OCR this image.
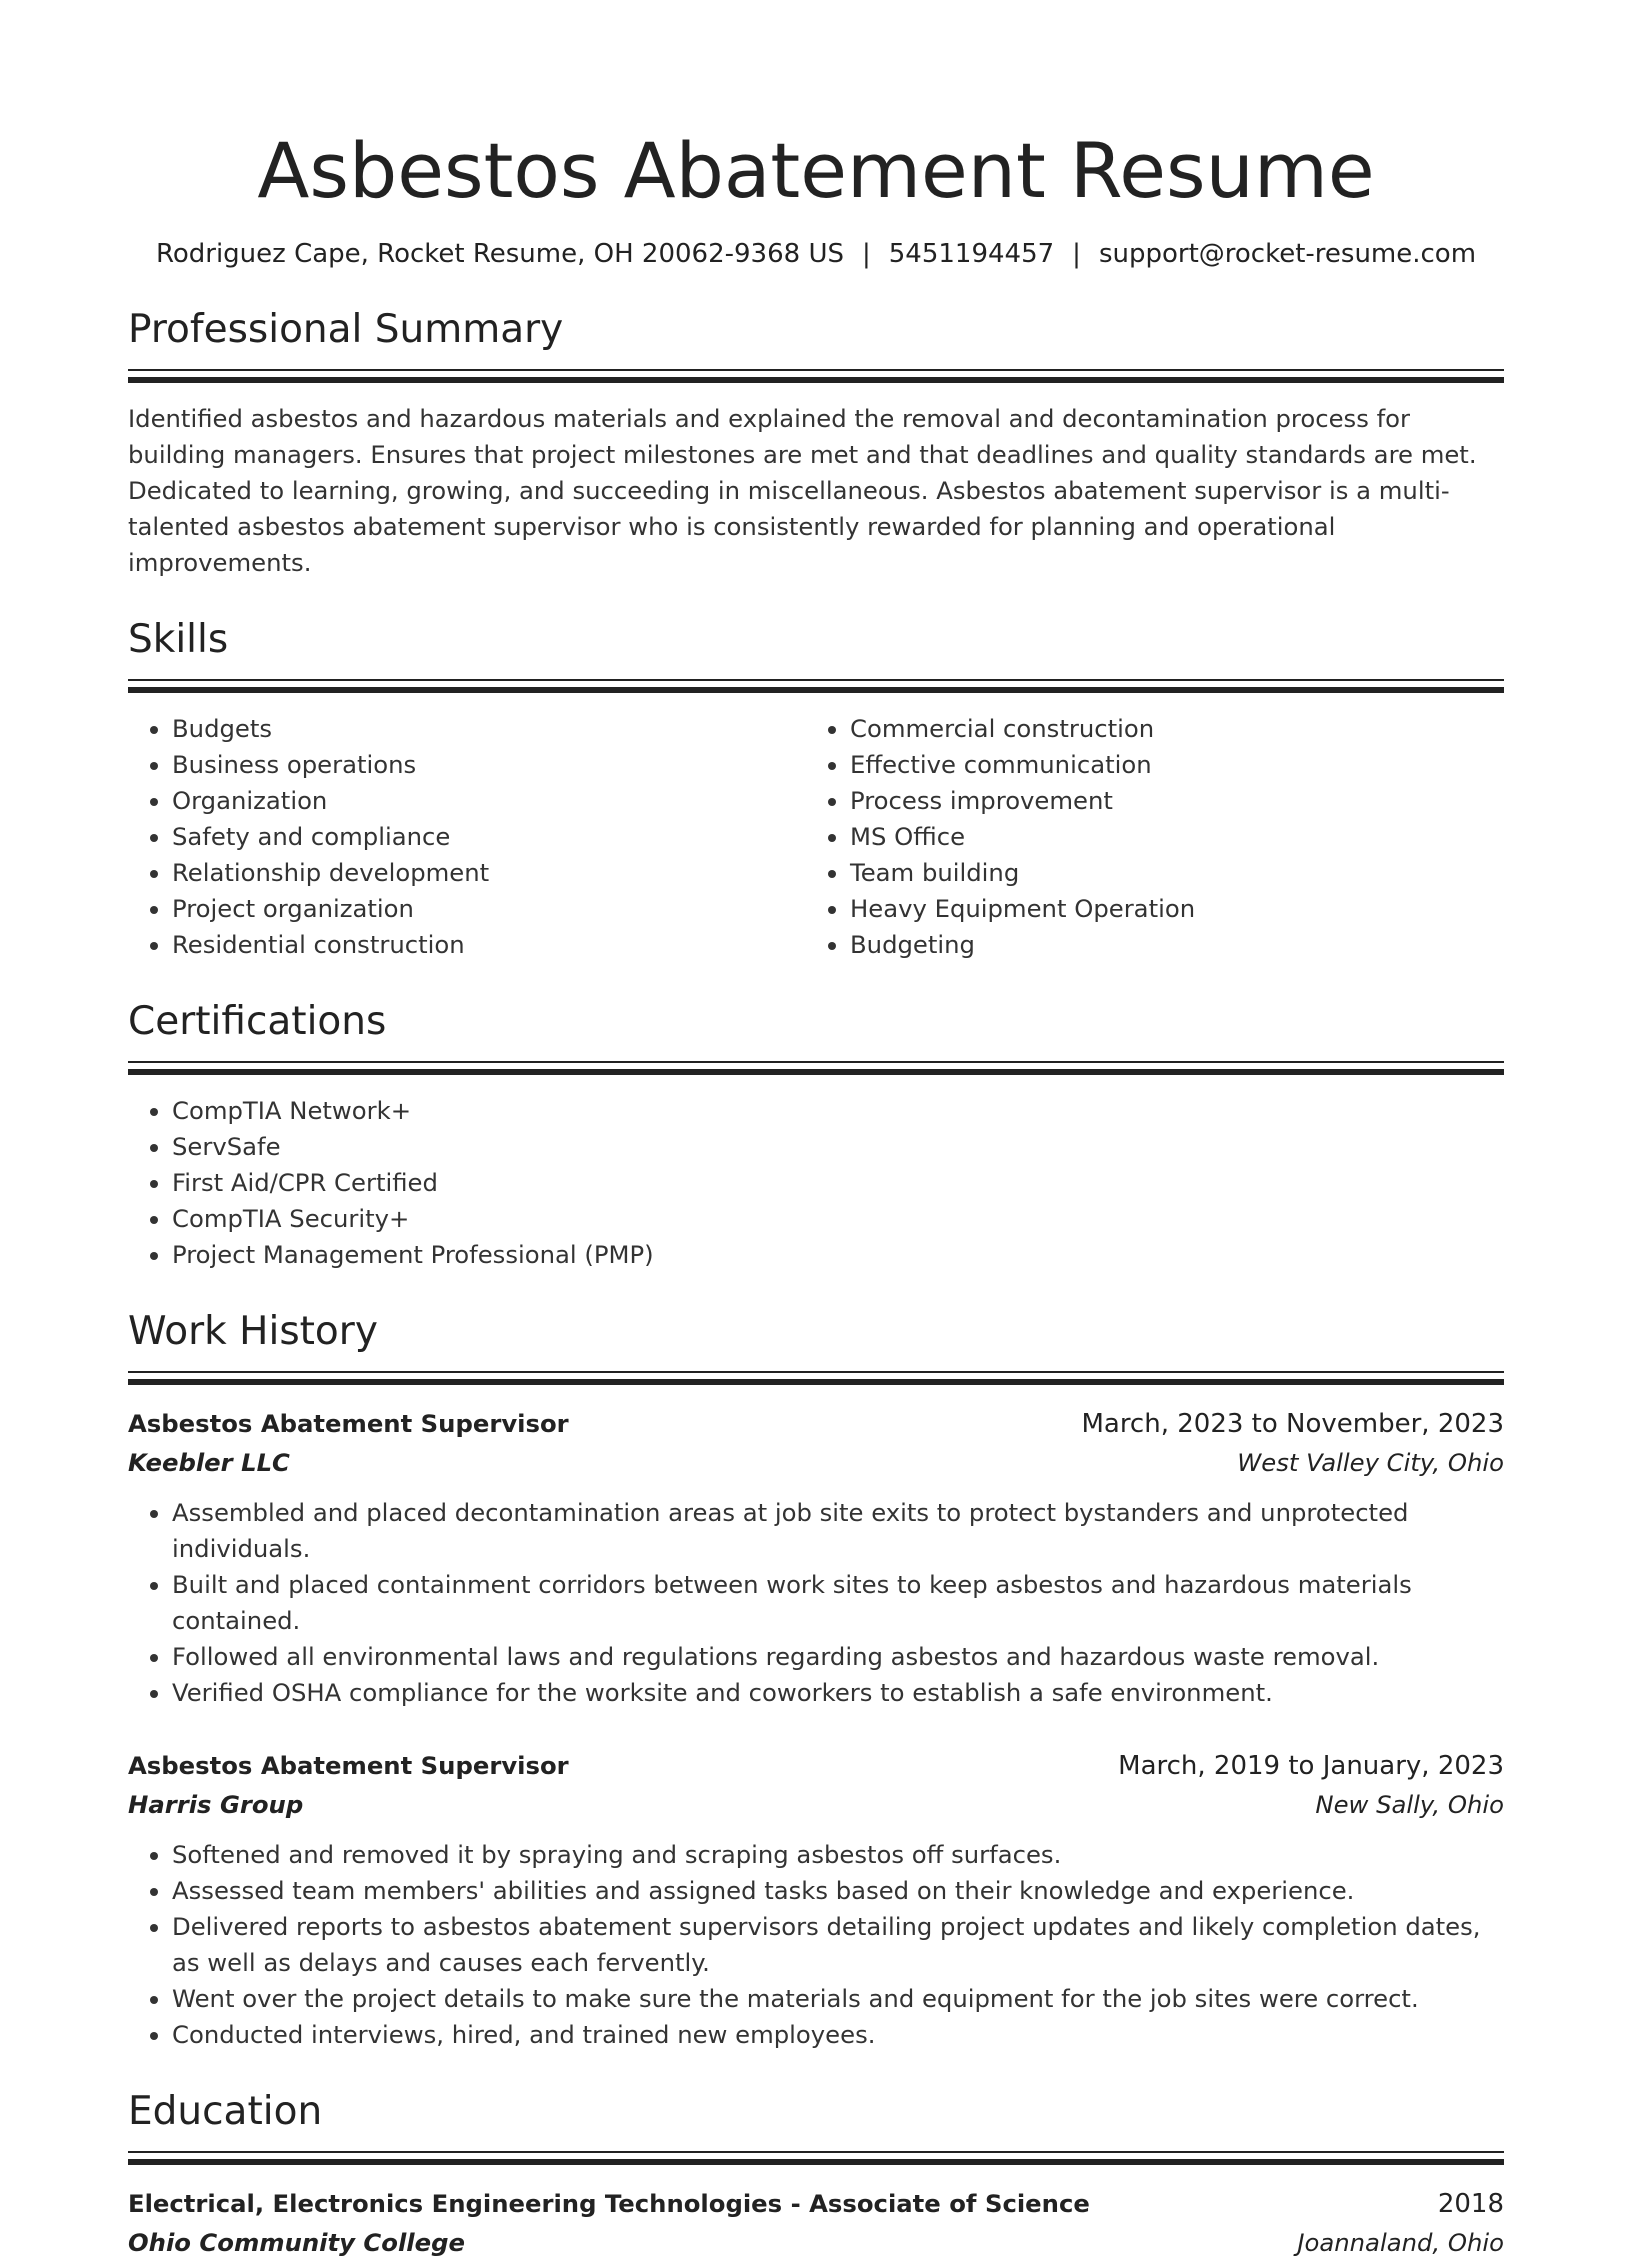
Asbestos Abatement Resume
Rodriguez Cape, Rocket Resume, OH 20062-9368 US | 5451194457 | support@rocket-resume.com
Professional Summary
Identified asbestos and hazardous materials and explained the removal and decontamination process for building managers. Ensures that project milestones are met and that deadlines and quality standards are met. Dedicated to learning, growing, and succeeding in miscellaneous. Asbestos abatement supervisor is a multi-talented asbestos abatement supervisor who is consistently rewarded for planning and operational improvements.
Skills
• Budgets
• Business operations
• Organization
• Safety and compliance
• Relationship development
• Project organization
• Residential construction
• Commercial construction
• Effective communication
• Process improvement
• MS Office
• Team building
• Heavy Equipment Operation
• Budgeting
Certifications
• CompTIA Network+
• ServSafe
• First Aid/CPR Certified
• CompTIA Security+
• Project Management Professional (PMP)
Work History
Asbestos Abatement Supervisor	March, 2023 to November, 2023
Keebler LLC	West Valley City, Ohio
• Assembled and placed decontamination areas at job site exits to protect bystanders and unprotected individuals.
• Built and placed containment corridors between work sites to keep asbestos and hazardous materials contained.
• Followed all environmental laws and regulations regarding asbestos and hazardous waste removal.
• Verified OSHA compliance for the worksite and coworkers to establish a safe environment.
Asbestos Abatement Supervisor	March, 2019 to January, 2023
Harris Group	New Sally, Ohio
• Softened and removed it by spraying and scraping asbestos off surfaces.
• Assessed team members' abilities and assigned tasks based on their knowledge and experience.
• Delivered reports to asbestos abatement supervisors detailing project updates and likely completion dates, as well as delays and causes each fervently.
• Went over the project details to make sure the materials and equipment for the job sites were correct.
• Conducted interviews, hired, and trained new employees.
Education
Electrical, Electronics Engineering Technologies - Associate of Science	2018
Ohio Community College	Joannaland, Ohio
